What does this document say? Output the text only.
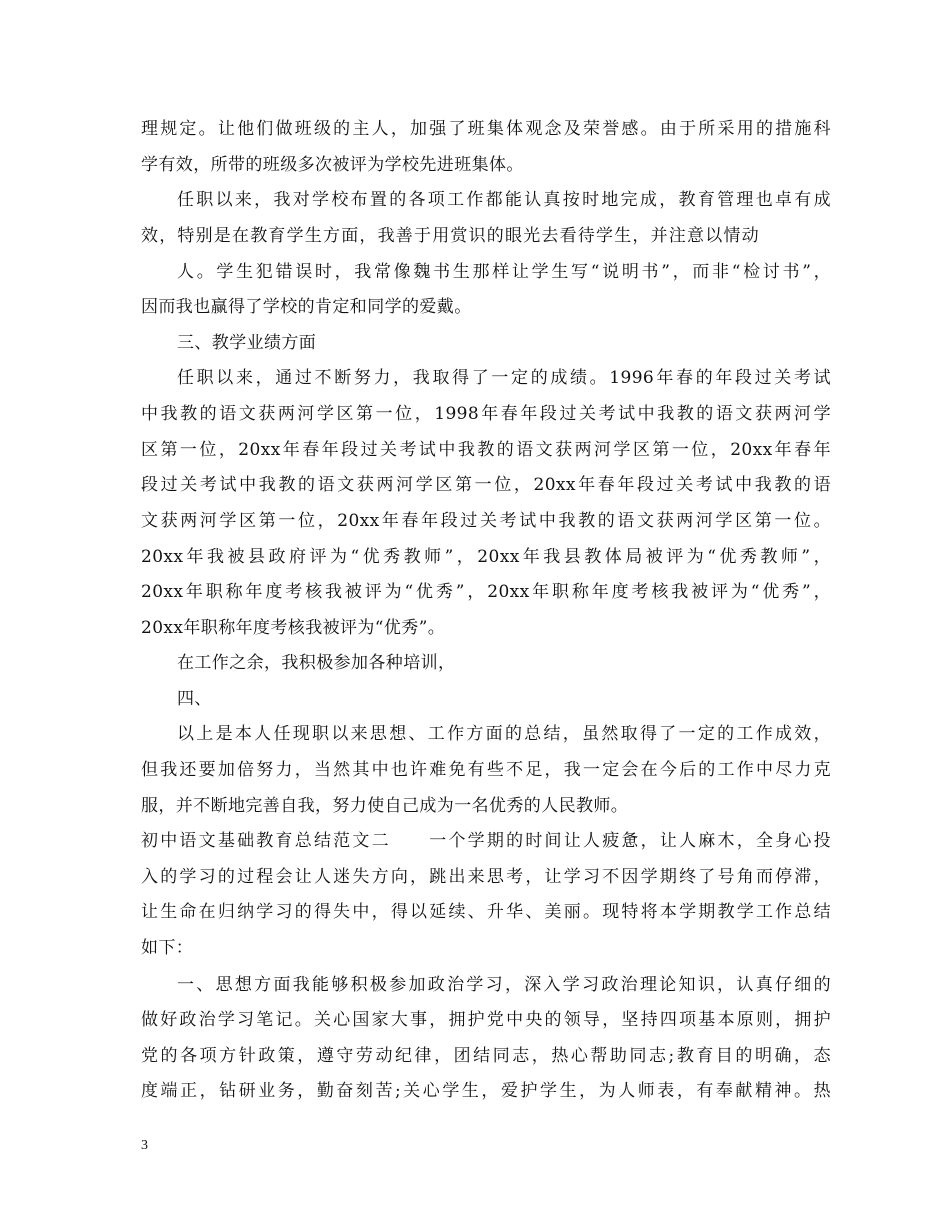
理规定。让他们做班级的主人，加强了班集体观念及荣誉感。由于所采用的措施科
学有效，所带的班级多次被评为学校先进班集体。
任职以来，我对学校布置的各项工作都能认真按时地完成，教育管理也卓有成
效，特别是在教育学生方面，我善于用赏识的眼光去看待学生，并注意以情动
人。学生犯错误时，我常像魏书生那样让学生写“说明书”，而非“检讨书”，
因而我也赢得了学校的肯定和同学的爱戴。
三、教学业绩方面
任职以来，通过不断努力，我取得了一定的成绩。1996年春的年段过关考试
中我教的语文获两河学区第一位，1998年春年段过关考试中我教的语文获两河学
区第一位，20xx年春年段过关考试中我教的语文获两河学区第一位，20xx年春年
段过关考试中我教的语文获两河学区第一位，20xx年春年段过关考试中我教的语
文获两河学区第一位，20xx年春年段过关考试中我教的语文获两河学区第一位。
20xx年我被县政府评为“优秀教师”，20xx年我县教体局被评为“优秀教师”，
20xx年职称年度考核我被评为“优秀”，20xx年职称年度考核我被评为“优秀”，
20xx年职称年度考核我被评为“优秀”。
在工作之余，我积极参加各种培训，
四、
以上是本人任现职以来思想、工作方面的总结，虽然取得了一定的工作成效，
但我还要加倍努力，当然其中也许难免有些不足，我一定会在今后的工作中尽力克
服，并不断地完善自我，努力使自己成为一名优秀的人民教师。
初中语文基础教育总结范文二　　一个学期的时间让人疲惫，让人麻木，全身心投
入的学习的过程会让人迷失方向，跳出来思考，让学习不因学期终了号角而停滞，
让生命在归纳学习的得失中，得以延续、升华、美丽。现特将本学期教学工作总结
如下：
一、思想方面我能够积极参加政治学习，深入学习政治理论知识，认真仔细的
做好政治学习笔记。关心国家大事，拥护党中央的领导，坚持四项基本原则，拥护
党的各项方针政策，遵守劳动纪律，团结同志，热心帮助同志;教育目的明确，态
度端正，钻研业务，勤奋刻苦;关心学生，爱护学生，为人师表，有奉献精神。热
3
